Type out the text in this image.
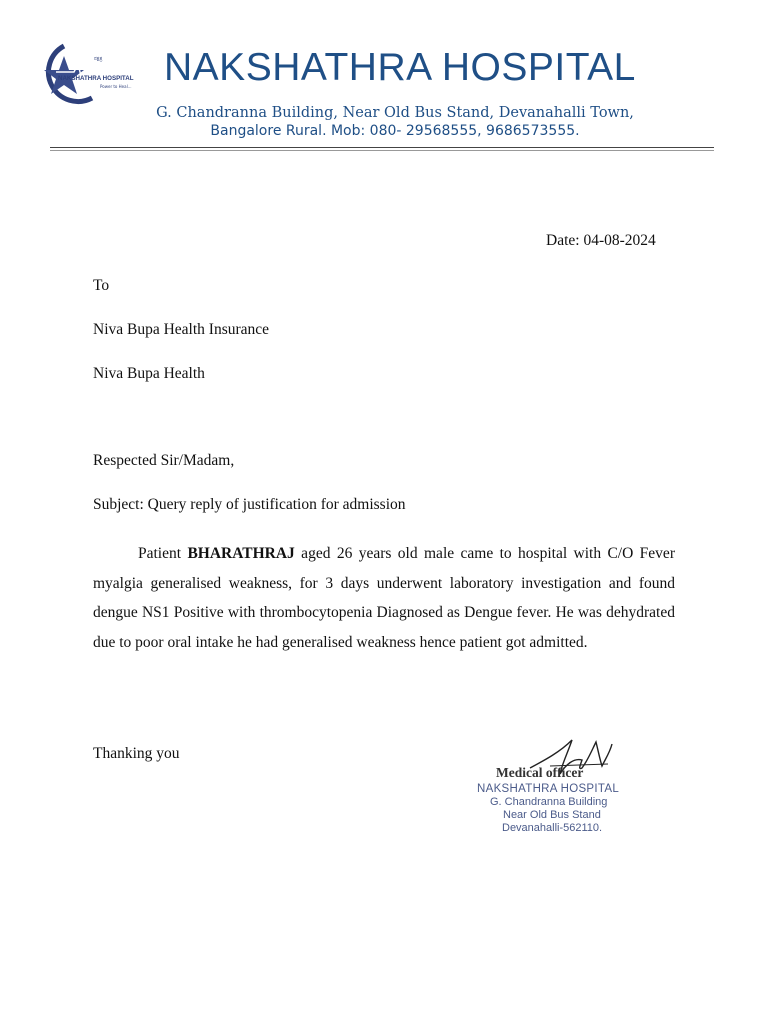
ನಕ್ಷತ್ರ
NAKSHATHRA HOSPITAL
Power to Heal... NAKSHATHRA HOSPITAL
G. Chandranna Building, Near Old Bus Stand, Devanahalli Town,
Bangalore Rural. Mob: 080- 29568555, 9686573555.
Date: 04-08-2024
To
Niva Bupa Health Insurance
Niva Bupa Health
Respected Sir/Madam,
Subject: Query reply of justification for admission
Patient BHARATHRAJ aged 26 years old male came to hospital with C/O Fever myalgia generalised weakness, for 3 days underwent laboratory investigation and found dengue NS1 Positive with thrombocytopenia Diagnosed as Dengue fever. He was dehydrated due to poor oral intake he had generalised weakness hence patient got admitted.
Thanking you
Medical officer
NAKSHATHRA HOSPITAL
G. Chandranna Building
Near Old Bus Stand
Devanahalli-562110.
